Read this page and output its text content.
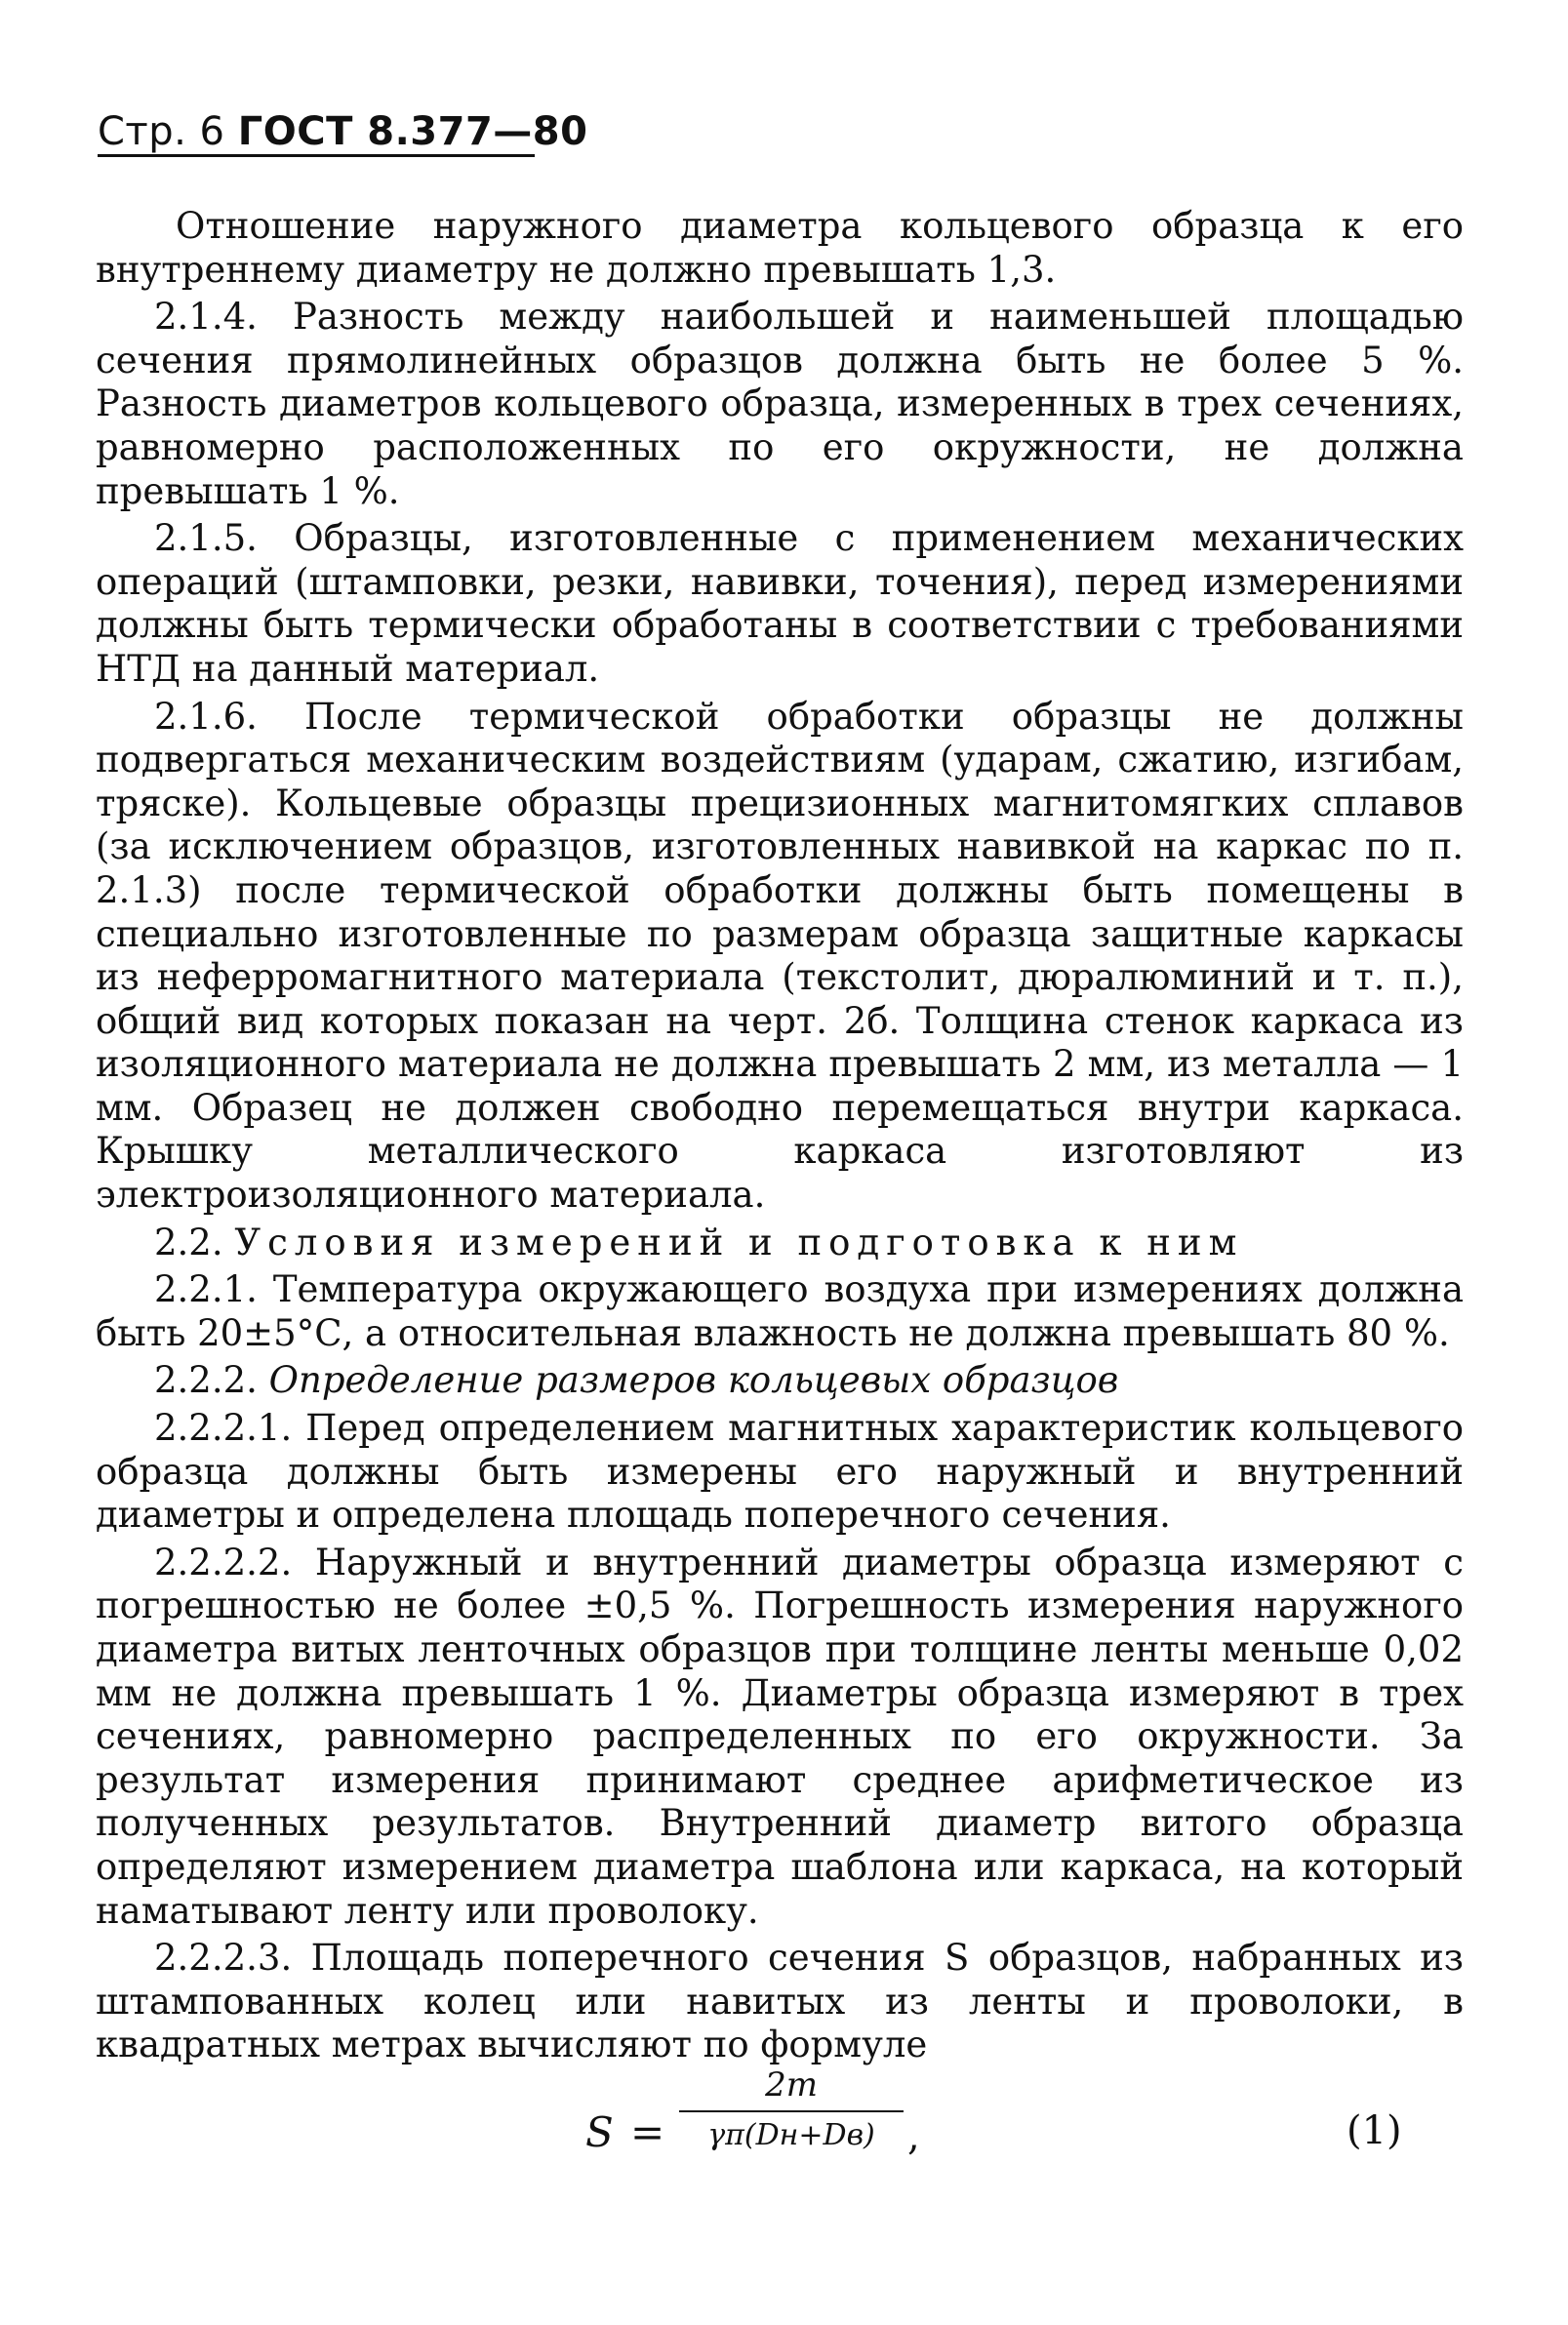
Стр. 6 ГОСТ 8.377—80

Отношение наружного диаметра кольцевого образца к его внутреннему диаметру не должно превышать 1,3.

2.1.4. Разность между наибольшей и наименьшей площадью сечения прямолинейных образцов должна быть не более 5 %. Разность диаметров кольцевого образца, измеренных в трех сечениях, равномерно расположенных по его окружности, не должна превышать 1 %.

2.1.5. Образцы, изготовленные с применением механических операций (штамповки, резки, навивки, точения), перед измерениями должны быть термически обработаны в соответствии с требованиями НТД на данный материал.

2.1.6. После термической обработки образцы не должны подвергаться механическим воздействиям (ударам, сжатию, изгибам, тряске). Кольцевые образцы прецизионных магнитомягких сплавов (за исключением образцов, изготовленных навивкой на каркас по п. 2.1.3) после термической обработки должны быть помещены в специально изготовленные по размерам образца защитные каркасы из неферромагнитного материала (текстолит, дюралюминий и т. п.), общий вид которых показан на черт. 2б. Толщина стенок каркаса из изоляционного материала не должна превышать 2 мм, из металла — 1 мм. Образец не должен свободно перемещаться внутри каркаса. Крышку металлического каркаса изготовляют из электроизоляционного материала.

2.2. Условия измерений и подготовка к ним

2.2.1. Температура окружающего воздуха при измерениях должна быть 20±5°С, а относительная влажность не должна превышать 80 %.

2.2.2. Определение размеров кольцевых образцов

2.2.2.1. Перед определением магнитных характеристик кольцевого образца должны быть измерены его наружный и внутренний диаметры и определена площадь поперечного сечения.

2.2.2.2. Наружный и внутренний диаметры образца измеряют с погрешностью не более ±0,5 %. Погрешность измерения наружного диаметра витых ленточных образцов при толщине ленты меньше 0,02 мм не должна превышать 1 %. Диаметры образца измеряют в трех сечениях, равномерно распределенных по его окружности. За результат измерения принимают среднее арифметическое из полученных результатов. Внутренний диаметр витого образца определяют измерением диаметра шаблона или каркаса, на который наматывают ленту или проволоку.

2.2.2.3. Площадь поперечного сечения S образцов, набранных из штампованных колец или навитых из ленты и проволоки, в квадратных метрах вычисляют по формуле

S =
2m
γπ(Dн+Dв) ,	(1)
